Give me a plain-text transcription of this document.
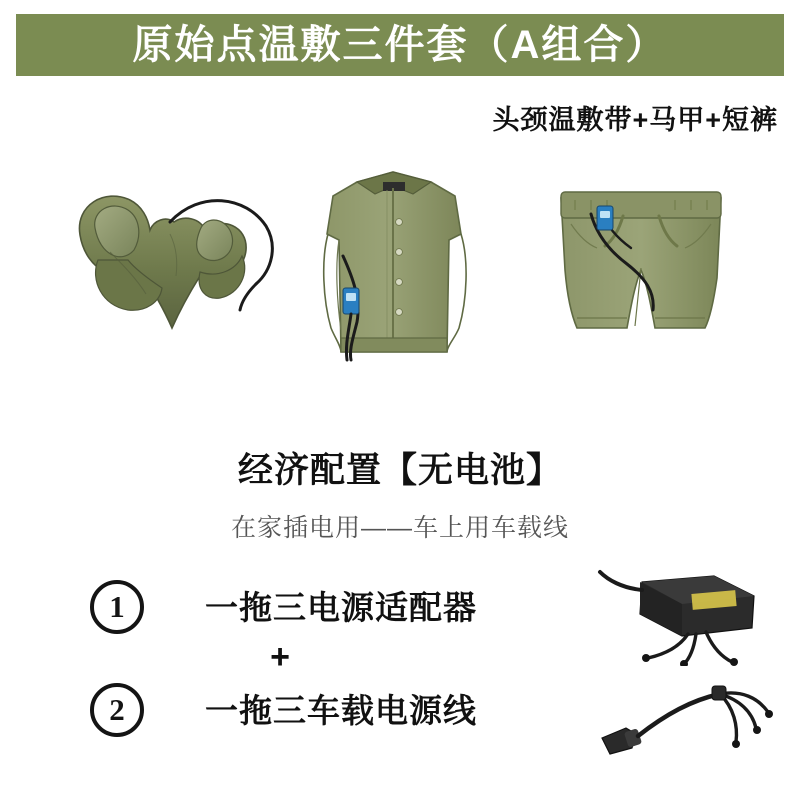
原始点温敷三件套（A组合）
头颈温敷带+马甲+短裤
经济配置【无电池】
在家插电用——车上用车载线
1	一拖三电源适配器
+
2	一拖三车载电源线
